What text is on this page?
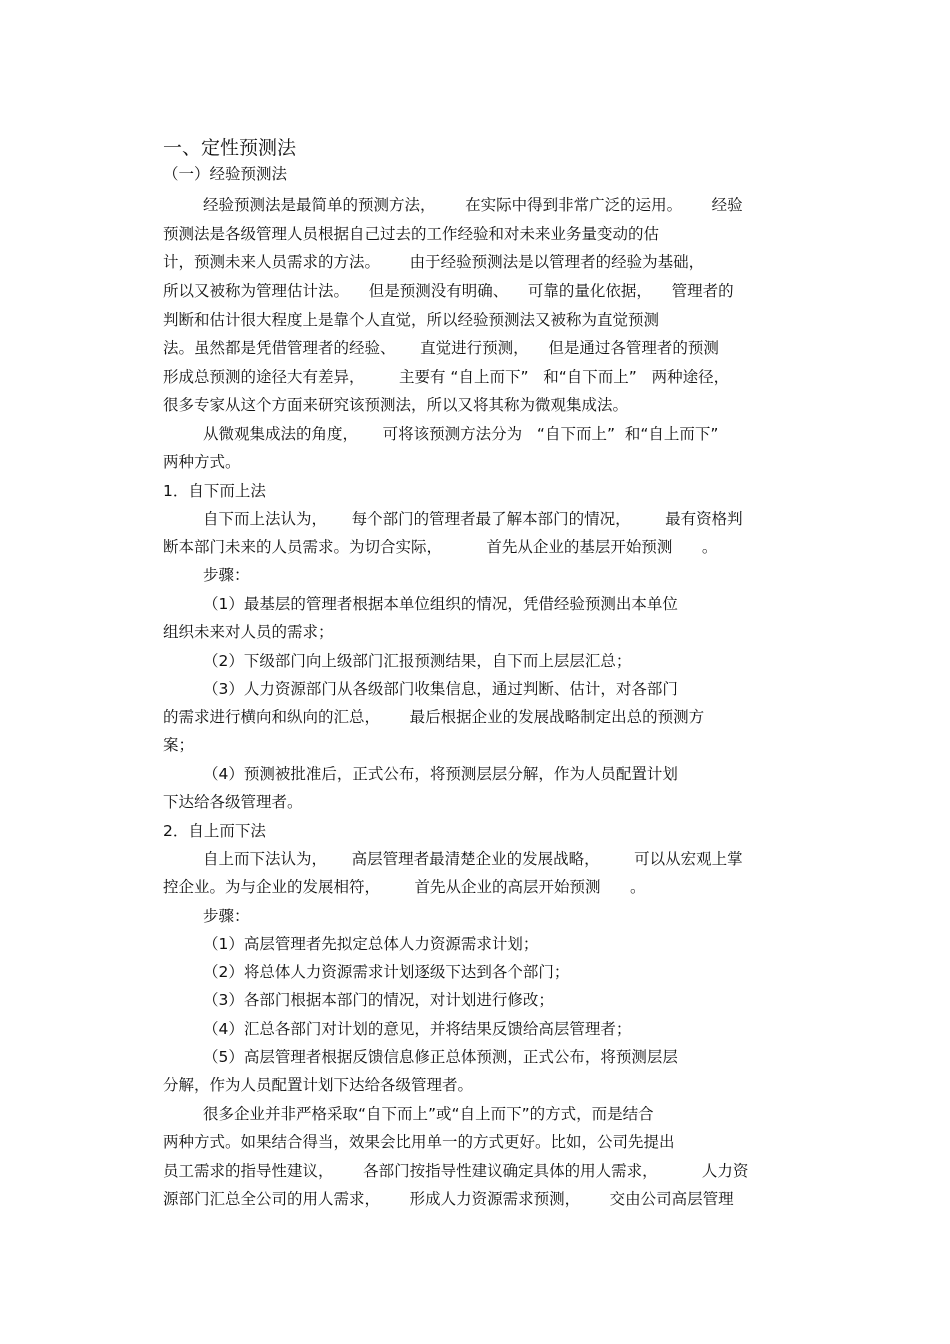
一、定性预测法
（一）经验预测法
经验预测法是最简单的预测方法，      在实际中得到非常广泛的运用。      经验
预测法是各级管理人员根据自己过去的工作经验和对未来业务量变动的估
计，预测未来人员需求的方法。      由于经验预测法是以管理者的经验为基础，
所以又被称为管理估计法。    但是预测没有明确、    可靠的量化依据，    管理者的
判断和估计很大程度上是靠个人直觉，所以经验预测法又被称为直觉预测
法。虽然都是凭借管理者的经验、     直觉进行预测，    但是通过各管理者的预测
形成总预测的途径大有差异，       主要有 “自上而下”   和“自下而上”   两种途径，
很多专家从这个方面来研究该预测法，所以又将其称为微观集成法。
从微观集成法的角度，     可将该预测方法分为   “自下而上”  和“自上而下”
两种方式。
1．自下而上法
自下而上法认为，     每个部门的管理者最了解本部门的情况，       最有资格判
断本部门未来的人员需求。为切合实际，         首先从企业的基层开始预测      。
步骤：
（1）最基层的管理者根据本单位组织的情况，凭借经验预测出本单位
组织未来对人员的需求；
（2）下级部门向上级部门汇报预测结果，自下而上层层汇总；
（3）人力资源部门从各级部门收集信息，通过判断、估计，对各部门
的需求进行横向和纵向的汇总，      最后根据企业的发展战略制定出总的预测方
案；
（4）预测被批准后，正式公布，将预测层层分解，作为人员配置计划
下达给各级管理者。
2．自上而下法
自上而下法认为，     高层管理者最清楚企业的发展战略，       可以从宏观上掌
控企业。为与企业的发展相符，       首先从企业的高层开始预测      。
步骤：
（1）高层管理者先拟定总体人力资源需求计划；
（2）将总体人力资源需求计划逐级下达到各个部门；
（3）各部门根据本部门的情况，对计划进行修改；
（4）汇总各部门对计划的意见，并将结果反馈给高层管理者；
（5）高层管理者根据反馈信息修正总体预测，正式公布，将预测层层
分解，作为人员配置计划下达给各级管理者。
很多企业并非严格采取“自下而上”或“自上而下”的方式，而是结合
两种方式。如果结合得当，效果会比用单一的方式更好。比如，公司先提出
员工需求的指导性建议，      各部门按指导性建议确定具体的用人需求，         人力资
源部门汇总全公司的用人需求，      形成人力资源需求预测，      交由公司高层管理
